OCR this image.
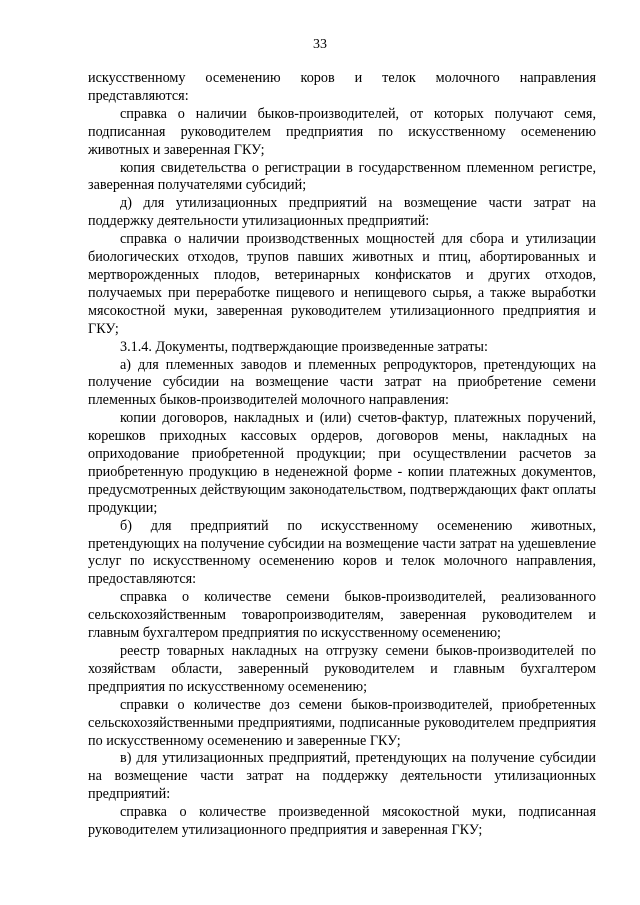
33

искусственному осеменению коров и телок молочного направления представляются:

справка о наличии быков-производителей, от которых получают семя, подписанная руководителем предприятия по искусственному осеменению животных и заверенная ГКУ;

копия свидетельства о регистрации в государственном племенном регистре, заверенная получателями субсидий;

д) для утилизационных предприятий на возмещение части затрат на поддержку деятельности утилизационных предприятий:

справка о наличии производственных мощностей для сбора и утилизации биологических отходов, трупов павших животных и птиц, абортированных и мертворожденных плодов, ветеринарных конфискатов и других отходов, получаемых при переработке пищевого и непищевого сырья, а также выработки мясокостной муки, заверенная руководителем утилизационного предприятия и ГКУ;

3.1.4. Документы, подтверждающие произведенные затраты:

а) для племенных заводов и племенных репродукторов, претендующих на получение субсидии на возмещение части затрат на приобретение семени племенных быков-производителей молочного направления:

копии договоров, накладных и (или) счетов-фактур, платежных поручений, корешков приходных кассовых ордеров, договоров мены, накладных на оприходование приобретенной продукции; при осуществлении расчетов за приобретенную продукцию в неденежной форме - копии платежных документов, предусмотренных действующим законодательством, подтверждающих факт оплаты продукции;

б) для предприятий по искусственному осеменению животных, претендующих на получение субсидии на возмещение части затрат на удешевление услуг по искусственному осеменению коров и телок молочного направления, предоставляются:

справка о количестве семени быков-производителей, реализованного сельскохозяйственным товаропроизводителям, заверенная руководителем и главным бухгалтером предприятия по искусственному осеменению;

реестр товарных накладных на отгрузку семени быков-производителей по хозяйствам области, заверенный руководителем и главным бухгалтером предприятия по искусственному осеменению;

справки о количестве доз семени быков-производителей, приобретенных сельскохозяйственными предприятиями, подписанные руководителем предприятия по искусственному осеменению и заверенные ГКУ;

в) для утилизационных предприятий, претендующих на получение субсидии на возмещение части затрат на поддержку деятельности утилизационных предприятий:

справка о количестве произведенной мясокостной муки, подписанная руководителем утилизационного предприятия и заверенная ГКУ;
